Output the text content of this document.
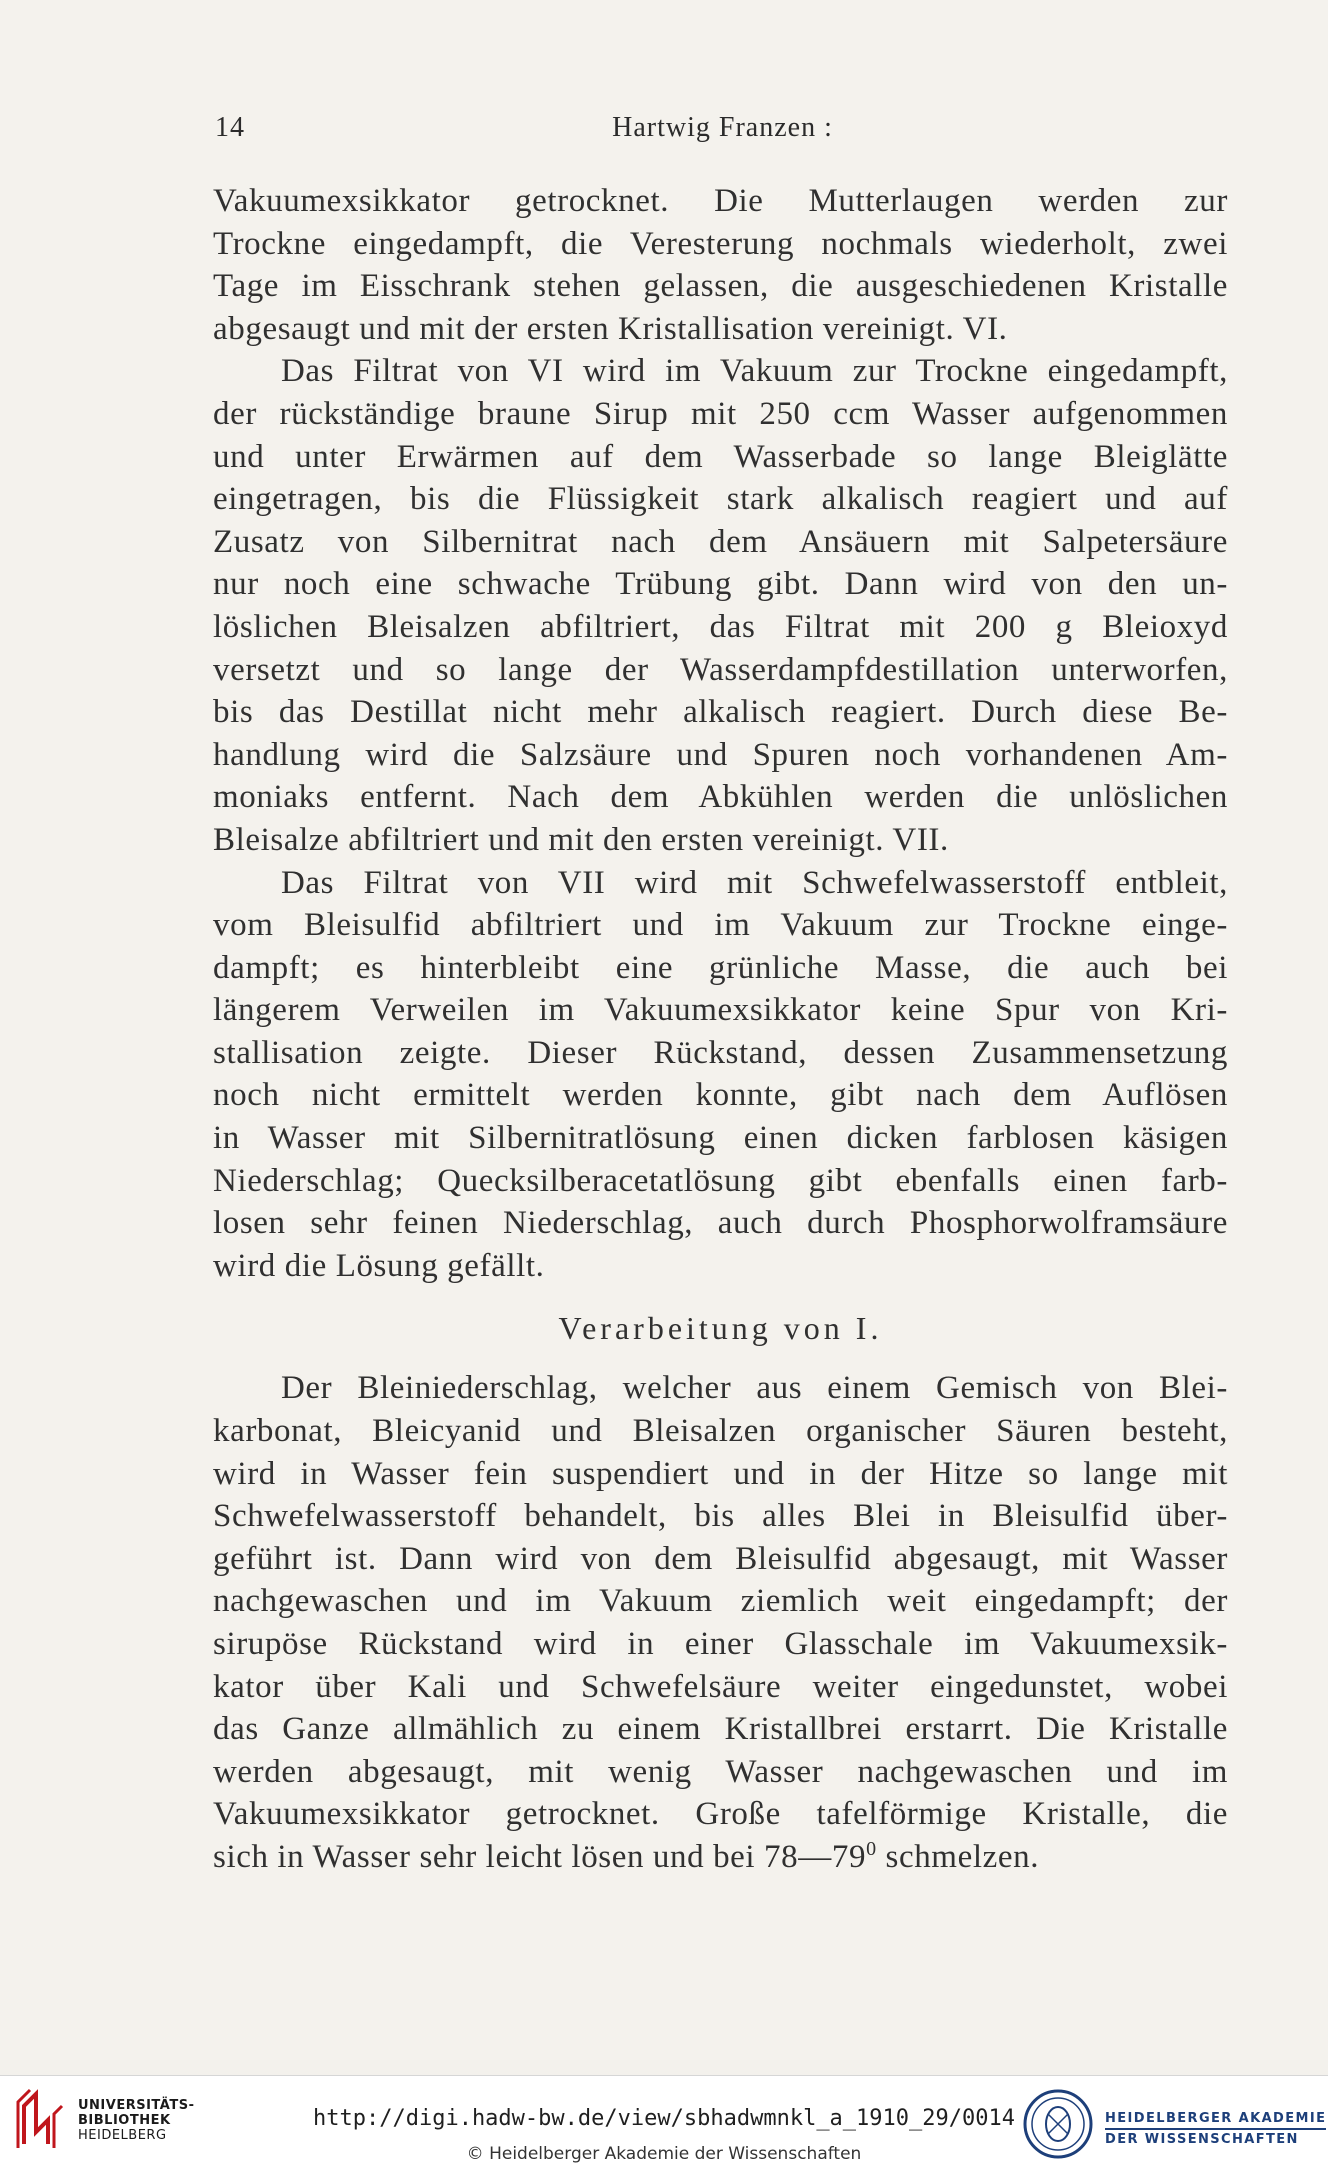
14	Hartwig Franzen :

Vakuumexsikkator getrocknet. Die Mutterlaugen werden zur
Trockne eingedampft, die Veresterung nochmals wiederholt, zwei
Tage im Eisschrank stehen gelassen, die ausgeschiedenen Kristalle
abgesaugt und mit der ersten Kristallisation vereinigt. VI.

Das Filtrat von VI wird im Vakuum zur Trockne eingedampft,
der rückständige braune Sirup mit 250 ccm Wasser aufgenommen
und unter Erwärmen auf dem Wasserbade so lange Bleiglätte
eingetragen, bis die Flüssigkeit stark alkalisch reagiert und auf
Zusatz von Silbernitrat nach dem Ansäuern mit Salpetersäure
nur noch eine schwache Trübung gibt. Dann wird von den un-
löslichen Bleisalzen abfiltriert, das Filtrat mit 200 g Bleioxyd
versetzt und so lange der Wasserdampfdestillation unterworfen,
bis das Destillat nicht mehr alkalisch reagiert. Durch diese Be-
handlung wird die Salzsäure und Spuren noch vorhandenen Am-
moniaks entfernt. Nach dem Abkühlen werden die unlöslichen
Bleisalze abfiltriert und mit den ersten vereinigt. VII.

Das Filtrat von VII wird mit Schwefelwasserstoff entbleit,
vom Bleisulfid abfiltriert und im Vakuum zur Trockne einge-
dampft; es hinterbleibt eine grünliche Masse, die auch bei
längerem Verweilen im Vakuumexsikkator keine Spur von Kri-
stallisation zeigte. Dieser Rückstand, dessen Zusammensetzung
noch nicht ermittelt werden konnte, gibt nach dem Auflösen
in Wasser mit Silbernitratlösung einen dicken farblosen käsigen
Niederschlag; Quecksilberacetatlösung gibt ebenfalls einen farb-
losen sehr feinen Niederschlag, auch durch Phosphorwolframsäure
wird die Lösung gefällt.

Verarbeitung von I.

Der Bleiniederschlag, welcher aus einem Gemisch von Blei-
karbonat, Bleicyanid und Bleisalzen organischer Säuren besteht,
wird in Wasser fein suspendiert und in der Hitze so lange mit
Schwefelwasserstoff behandelt, bis alles Blei in Bleisulfid über-
geführt ist. Dann wird von dem Bleisulfid abgesaugt, mit Wasser
nachgewaschen und im Vakuum ziemlich weit eingedampft; der
sirupöse Rückstand wird in einer Glasschale im Vakuumexsik-
kator über Kali und Schwefelsäure weiter eingedunstet, wobei
das Ganze allmählich zu einem Kristallbrei erstarrt. Die Kristalle
werden abgesaugt, mit wenig Wasser nachgewaschen und im
Vakuumexsikkator getrocknet. Große tafelförmige Kristalle, die
sich in Wasser sehr leicht lösen und bei $78—79^0$ schmelzen.

UNIVERSITÄTS-
BIBLIOTHEK
HEIDELBERG
http://digi.hadw-bw.de/view/sbhadwmnkl_a_1910_29/0014
© Heidelberger Akademie der Wissenschaften
HEIDELBERGER AKADEMIE
DER WISSENSCHAFTEN
